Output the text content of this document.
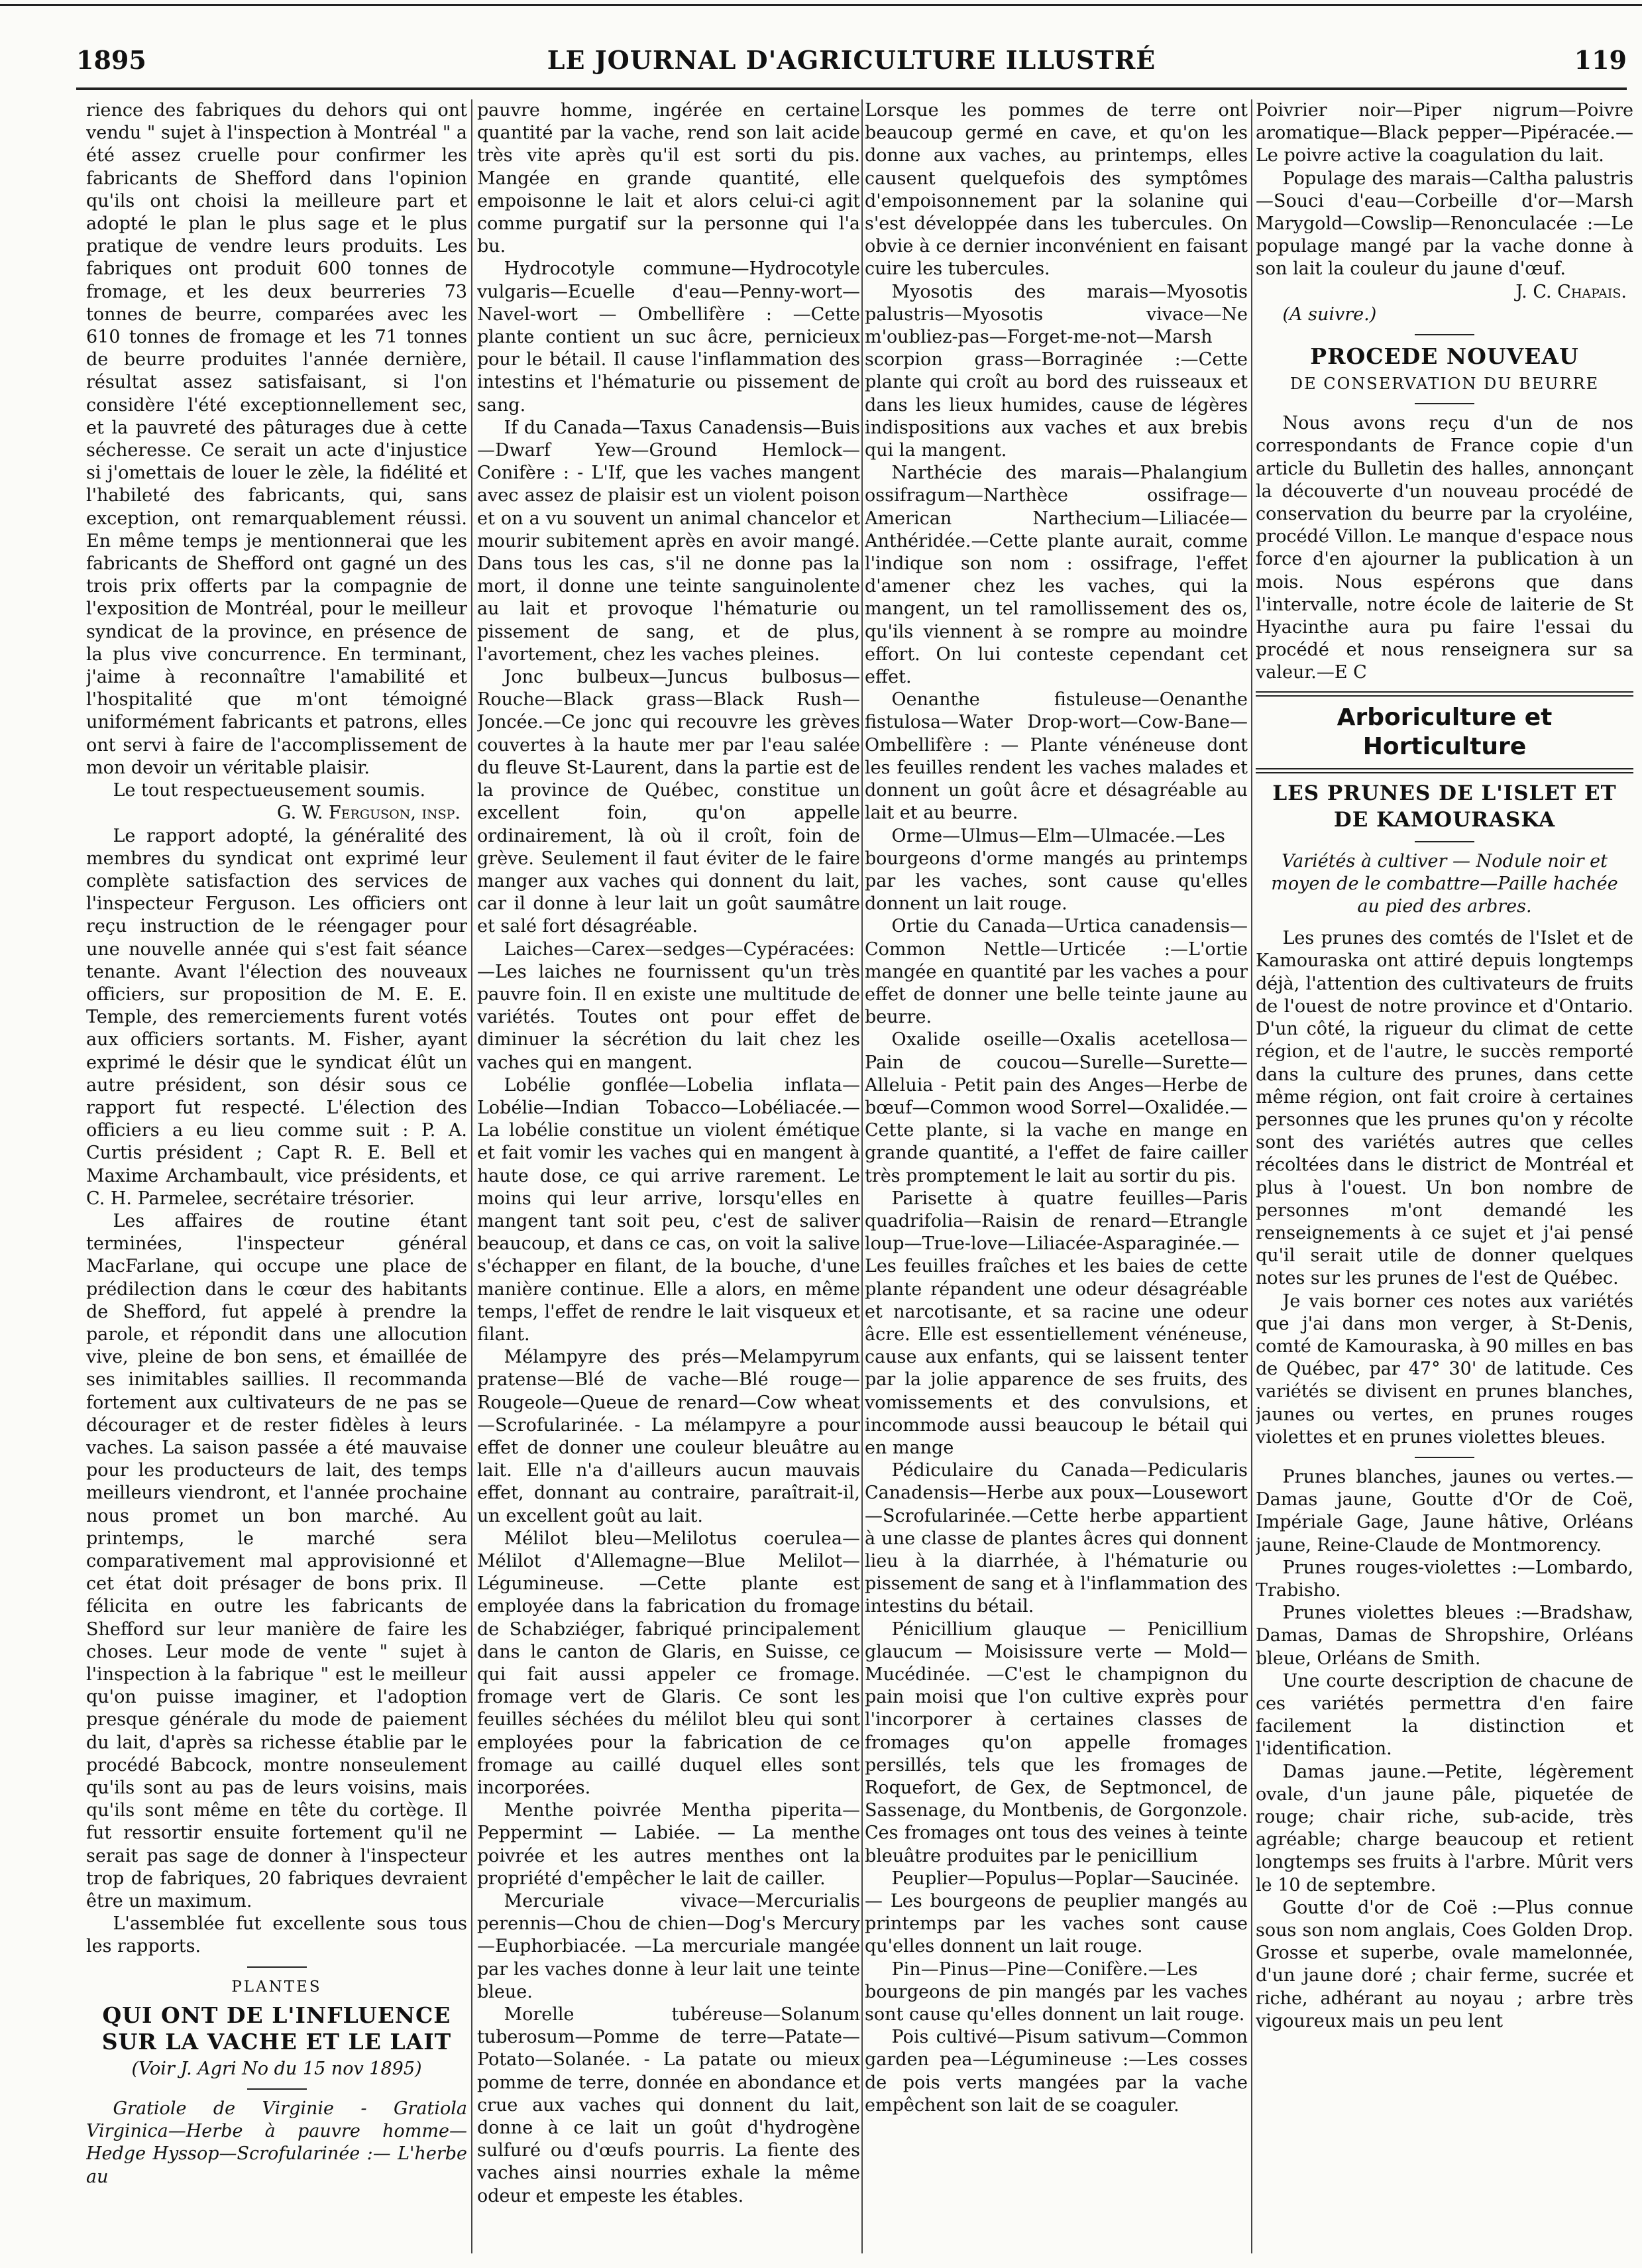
1895	LE JOURNAL D'AGRICULTURE ILLUSTRÉ	119

rience des fabriques du dehors qui ont vendu " sujet à l'inspection à Montréal " a été assez cruelle pour confirmer les fabricants de Shefford dans l'opinion qu'ils ont choisi la meilleure part et adopté le plan le plus sage et le plus pratique de vendre leurs produits. Les fabriques ont produit 600 tonnes de fromage, et les deux beurreries 73 tonnes de beurre, comparées avec les 610 tonnes de fromage et les 71 tonnes de beurre produites l'année dernière, résultat assez satisfaisant, si l'on considère l'été exceptionnellement sec, et la pauvreté des pâturages due à cette sécheresse. Ce serait un acte d'injustice si j'omettais de louer le zèle, la fidélité et l'habileté des fabricants, qui, sans exception, ont remarquablement réussi. En même temps je mentionnerai que les fabricants de Shefford ont gagné un des trois prix offerts par la compagnie de l'exposition de Montréal, pour le meilleur syndicat de la province, en présence de la plus vive concurrence. En terminant, j'aime à reconnaître l'amabilité et l'hospitalité que m'ont témoigné uniformément fabricants et patrons, elles ont servi à faire de l'accomplissement de mon devoir un véritable plaisir.

Le tout respectueusement soumis.

G. W. Ferguson, insp.

Le rapport adopté, la généralité des membres du syndicat ont exprimé leur complète satisfaction des services de l'inspecteur Ferguson. Les officiers ont reçu instruction de le réengager pour une nouvelle année qui s'est fait séance tenante. Avant l'élection des nouveaux officiers, sur proposition de M. E. E. Temple, des remerciements furent votés aux officiers sortants. M. Fisher, ayant exprimé le désir que le syndicat élût un autre président, son désir sous ce rapport fut respecté. L'élection des officiers a eu lieu comme suit : P. A. Curtis président ; Capt R. E. Bell et Maxime Archambault, vice présidents, et C. H. Parmelee, secrétaire trésorier.

Les affaires de routine étant terminées, l'inspecteur général MacFarlane, qui occupe une place de prédilection dans le cœur des habitants de Shefford, fut appelé à prendre la parole, et répondit dans une allocution vive, pleine de bon sens, et émaillée de ses inimitables saillies. Il recommanda fortement aux cultivateurs de ne pas se décourager et de rester fidèles à leurs vaches. La saison passée a été mauvaise pour les producteurs de lait, des temps meilleurs viendront, et l'année prochaine nous promet un bon marché. Au printemps, le marché sera comparativement mal approvisionné et cet état doit présager de bons prix. Il félicita en outre les fabricants de Shefford sur leur manière de faire les choses. Leur mode de vente " sujet à l'inspection à la fabrique " est le meilleur qu'on puisse imaginer, et l'adoption presque générale du mode de paiement du lait, d'après sa richesse établie par le procédé Babcock, montre nonseulement qu'ils sont au pas de leurs voisins, mais qu'ils sont même en tête du cortège. Il fut ressortir ensuite fortement qu'il ne serait pas sage de donner à l'inspecteur trop de fabriques, 20 fabriques devraient être un maximum.

L'assemblée fut excellente sous tous les rapports.

PLANTES
QUI ONT DE L'INFLUENCE SUR LA VACHE ET LE LAIT
(Voir J. Agri No du 15 nov 1895)

Gratiole de Virginie - Gratiola Virginica—Herbe à pauvre homme—Hedge Hyssop—Scrofularinée :— L'herbe au

pauvre homme, ingérée en certaine quantité par la vache, rend son lait acide très vite après qu'il est sorti du pis. Mangée en grande quantité, elle empoisonne le lait et alors celui-ci agit comme purgatif sur la personne qui l'a bu.

Hydrocotyle commune—Hydrocotyle vulgaris—Ecuelle d'eau—Penny-wort—Navel-wort — Ombellifère : —Cette plante contient un suc âcre, pernicieux pour le bétail. Il cause l'inflammation des intestins et l'hématurie ou pissement de sang.

If du Canada—Taxus Canadensis—Buis—Dwarf Yew—Ground Hemlock—Conifère : - L'If, que les vaches mangent avec assez de plaisir est un violent poison et on a vu souvent un animal chancelor et mourir subitement après en avoir mangé. Dans tous les cas, s'il ne donne pas la mort, il donne une teinte sanguinolente au lait et provoque l'hématurie ou pissement de sang, et de plus, l'avortement, chez les vaches pleines.

Jonc bulbeux—Juncus bulbosus—Rouche—Black grass—Black Rush—Joncée.—Ce jonc qui recouvre les grèves couvertes à la haute mer par l'eau salée du fleuve St-Laurent, dans la partie est de la province de Québec, constitue un excellent foin, qu'on appelle ordinairement, là où il croît, foin de grève. Seulement il faut éviter de le faire manger aux vaches qui donnent du lait, car il donne à leur lait un goût saumâtre et salé fort désagréable.

Laiches—Carex—sedges—Cypéracées:—Les laiches ne fournissent qu'un très pauvre foin. Il en existe une multitude de variétés. Toutes ont pour effet de diminuer la sécrétion du lait chez les vaches qui en mangent.

Lobélie gonflée—Lobelia inflata—Lobélie—Indian Tobacco—Lobéliacée.—La lobélie constitue un violent émétique et fait vomir les vaches qui en mangent à haute dose, ce qui arrive rarement. Le moins qui leur arrive, lorsqu'elles en mangent tant soit peu, c'est de saliver beaucoup, et dans ce cas, on voit la salive s'échapper en filant, de la bouche, d'une manière continue. Elle a alors, en même temps, l'effet de rendre le lait visqueux et filant.

Mélampyre des prés—Melampyrum pratense—Blé de vache—Blé rouge—Rougeole—Queue de renard—Cow wheat—Scrofularinée. - La mélampyre a pour effet de donner une couleur bleuâtre au lait. Elle n'a d'ailleurs aucun mauvais effet, donnant au contraire, paraîtrait-il, un excellent goût au lait.

Mélilot bleu—Melilotus coerulea—Mélilot d'Allemagne—Blue Melilot—Légumineuse. —Cette plante est employée dans la fabrication du fromage de Schabziéger, fabriqué principalement dans le canton de Glaris, en Suisse, ce qui fait aussi appeler ce fromage. fromage vert de Glaris. Ce sont les feuilles séchées du mélilot bleu qui sont employées pour la fabrication de ce fromage au caillé duquel elles sont incorporées.

Menthe poivrée Mentha piperita—Peppermint — Labiée. — La menthe poivrée et les autres menthes ont la propriété d'empêcher le lait de cailler.

Mercuriale vivace—Mercurialis perennis—Chou de chien—Dog's Mercury—Euphorbiacée. —La mercuriale mangée par les vaches donne à leur lait une teinte bleue.

Morelle tubéreuse—Solanum tuberosum—Pomme de terre—Patate—Potato—Solanée. - La patate ou mieux pomme de terre, donnée en abondance et crue aux vaches qui donnent du lait, donne à ce lait un goût d'hydrogène sulfuré ou d'œufs pourris. La fiente des vaches ainsi nourries exhale la même odeur et empeste les étables.

Lorsque les pommes de terre ont beaucoup germé en cave, et qu'on les donne aux vaches, au printemps, elles causent quelquefois des symptômes d'empoisonnement par la solanine qui s'est développée dans les tubercules. On obvie à ce dernier inconvénient en faisant cuire les tubercules.

Myosotis des marais—Myosotis palustris—Myosotis vivace—Ne m'oubliez-pas—Forget-me-not—Marsh scorpion grass—Borraginée :—Cette plante qui croît au bord des ruisseaux et dans les lieux humides, cause de légères indispositions aux vaches et aux brebis qui la mangent.

Narthécie des marais—Phalangium ossifragum—Narthèce ossifrage—American Narthecium—Liliacée—Anthéridée.—Cette plante aurait, comme l'indique son nom : ossifrage, l'effet d'amener chez les vaches, qui la mangent, un tel ramollissement des os, qu'ils viennent à se rompre au moindre effort. On lui conteste cependant cet effet.

Oenanthe fistuleuse—Oenanthe fistulosa—Water Drop-wort—Cow-Bane—Ombellifère : — Plante vénéneuse dont les feuilles rendent les vaches malades et donnent un goût âcre et désagréable au lait et au beurre.

Orme—Ulmus—Elm—Ulmacée.—Les bourgeons d'orme mangés au printemps par les vaches, sont cause qu'elles donnent un lait rouge.

Ortie du Canada—Urtica canadensis—Common Nettle—Urticée :—L'ortie mangée en quantité par les vaches a pour effet de donner une belle teinte jaune au beurre.

Oxalide oseille—Oxalis acetellosa—Pain de coucou—Surelle—Surette—Alleluia - Petit pain des Anges—Herbe de bœuf—Common wood Sorrel—Oxalidée.—Cette plante, si la vache en mange en grande quantité, a l'effet de faire cailler très promptement le lait au sortir du pis.

Parisette à quatre feuilles—Paris quadrifolia—Raisin de renard—Etrangle loup—True-love—Liliacée-Asparaginée.—Les feuilles fraîches et les baies de cette plante répandent une odeur désagréable et narcotisante, et sa racine une odeur âcre. Elle est essentiellement vénéneuse, cause aux enfants, qui se laissent tenter par la jolie apparence de ses fruits, des vomissements et des convulsions, et incommode aussi beaucoup le bétail qui en mange

Pédiculaire du Canada—Pedicularis Canadensis—Herbe aux poux—Lousewort—Scrofularinée.—Cette herbe appartient à une classe de plantes âcres qui donnent lieu à la diarrhée, à l'hématurie ou pissement de sang et à l'inflammation des intestins du bétail.

Pénicillium glauque — Penicillium glaucum — Moisissure verte — Mold—Mucédinée. —C'est le champignon du pain moisi que l'on cultive exprès pour l'incorporer à certaines classes de fromages qu'on appelle fromages persillés, tels que les fromages de Roquefort, de Gex, de Septmoncel, de Sassenage, du Montbenis, de Gorgonzole. Ces fromages ont tous des veines à teinte bleuâtre produites par le penicillium

Peuplier—Populus—Poplar—Saucinée. — Les bourgeons de peuplier mangés au printemps par les vaches sont cause qu'elles donnent un lait rouge.

Pin—Pinus—Pine—Conifère.—Les bourgeons de pin mangés par les vaches sont cause qu'elles donnent un lait rouge.

Pois cultivé—Pisum sativum—Common garden pea—Légumineuse :—Les cosses de pois verts mangées par la vache empêchent son lait de se coaguler.

Poivrier noir—Piper nigrum—Poivre aromatique—Black pepper—Pipéracée.—Le poivre active la coagulation du lait.

Populage des marais—Caltha palustris—Souci d'eau—Corbeille d'or—Marsh Marygold—Cowslip—Renonculacée :—Le populage mangé par la vache donne à son lait la couleur du jaune d'œuf.

J. C. Chapais.

(A suivre.)

PROCEDE NOUVEAU
DE CONSERVATION DU BEURRE

Nous avons reçu d'un de nos correspondants de France copie d'un article du Bulletin des halles, annonçant la découverte d'un nouveau procédé de conservation du beurre par la cryoléine, procédé Villon. Le manque d'espace nous force d'en ajourner la publication à un mois. Nous espérons que dans l'intervalle, notre école de laiterie de St Hyacinthe aura pu faire l'essai du procédé et nous renseignera sur sa valeur.—E C

Arboriculture et Horticulture
LES PRUNES DE L'ISLET ET DE KAMOURASKA
Variétés à cultiver — Nodule noir et moyen de le combattre—Paille hachée au pied des arbres.

Les prunes des comtés de l'Islet et de Kamouraska ont attiré depuis longtemps déjà, l'attention des cultivateurs de fruits de l'ouest de notre province et d'Ontario. D'un côté, la rigueur du climat de cette région, et de l'autre, le succès remporté dans la culture des prunes, dans cette même région, ont fait croire à certaines personnes que les prunes qu'on y récolte sont des variétés autres que celles récoltées dans le district de Montréal et plus à l'ouest. Un bon nombre de personnes m'ont demandé les renseignements à ce sujet et j'ai pensé qu'il serait utile de donner quelques notes sur les prunes de l'est de Québec.

Je vais borner ces notes aux variétés que j'ai dans mon verger, à St-Denis, comté de Kamouraska, à 90 milles en bas de Québec, par 47° 30' de latitude. Ces variétés se divisent en prunes blanches, jaunes ou vertes, en prunes rouges violettes et en prunes violettes bleues.

Prunes blanches, jaunes ou vertes.—Damas jaune, Goutte d'Or de Coë, Impériale Gage, Jaune hâtive, Orléans jaune, Reine-Claude de Montmorency.

Prunes rouges-violettes :—Lombardo, Trabisho.

Prunes violettes bleues :—Bradshaw, Damas, Damas de Shropshire, Orléans bleue, Orléans de Smith.

Une courte description de chacune de ces variétés permettra d'en faire facilement la distinction et l'identification.

Damas jaune.—Petite, légèrement ovale, d'un jaune pâle, piquetée de rouge; chair riche, sub-acide, très agréable; charge beaucoup et retient longtemps ses fruits à l'arbre. Mûrit vers le 10 de septembre.

Goutte d'or de Coë :—Plus connue sous son nom anglais, Coes Golden Drop. Grosse et superbe, ovale mamelonnée, d'un jaune doré ; chair ferme, sucrée et riche, adhérant au noyau ; arbre très vigoureux mais un peu lent
